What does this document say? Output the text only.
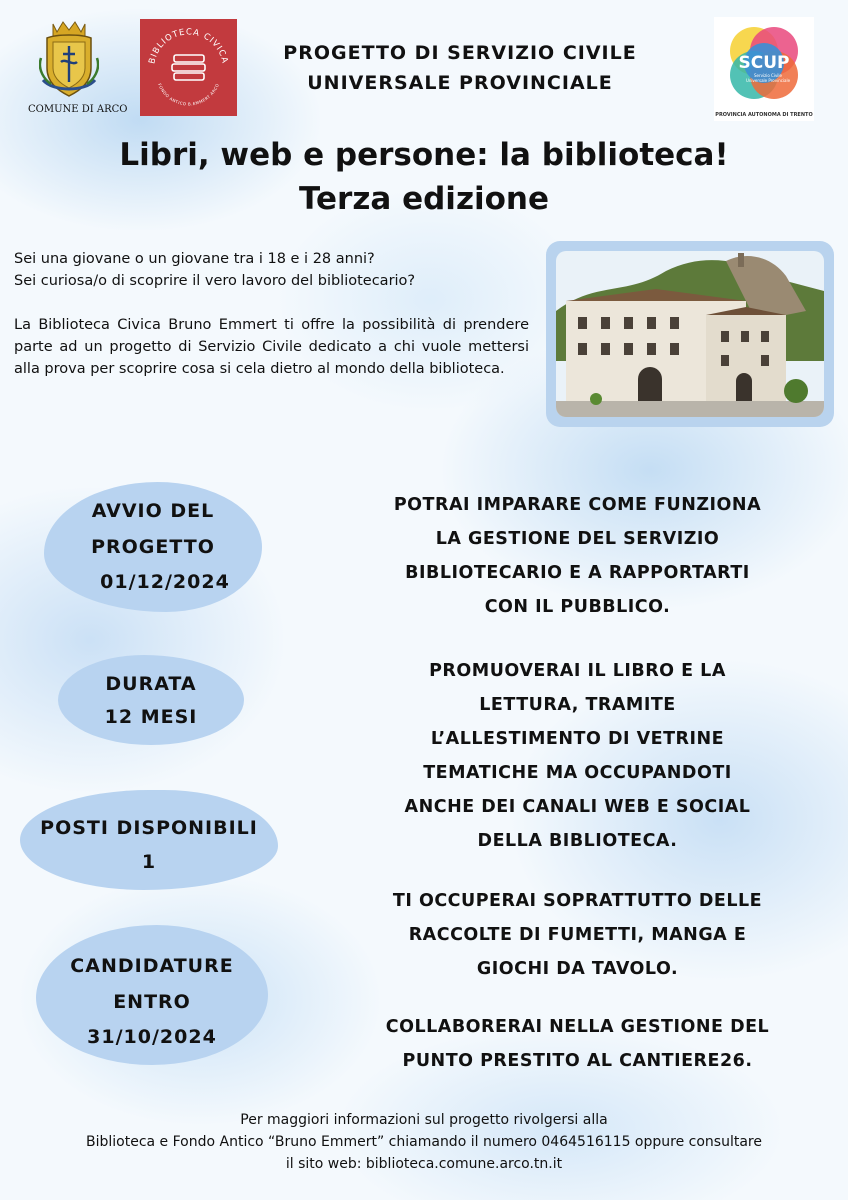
COMUNE DI ARCO
BIBLIOTECA CIVICA
FONDO ANTICO B.EMMERT ARCO
PROGETTO DI SERVIZIO CIVILE
UNIVERSALE PROVINCIALE
SCUP
Servizio Civile
Universale Provinciale
PROVINCIA AUTONOMA DI TRENTO
Libri, web e persone: la biblioteca!
Terza edizione

Sei una giovane o un giovane tra i 18 e i 28 anni?

Sei curiosa/o di scoprire il vero lavoro del bibliotecario?

La Biblioteca Civica Bruno Emmert ti offre la possibilità di prendere parte ad un progetto di Servizio Civile dedicato a chi vuole mettersi alla prova per scoprire cosa si cela dietro al mondo della biblioteca.

AVVIO DEL
PROGETTO
01/12/2024
DURATA
12 MESI
POSTI DISPONIBILI
1
CANDIDATURE
ENTRO
31/10/2024
POTRAI IMPARARE COME FUNZIONA
LA GESTIONE DEL SERVIZIO
BIBLIOTECARIO E A RAPPORTARTI
CON IL PUBBLICO.
PROMUOVERAI IL LIBRO E LA
LETTURA, TRAMITE
L’ALLESTIMENTO DI VETRINE
TEMATICHE MA OCCUPANDOTI
ANCHE DEI CANALI WEB E SOCIAL
DELLA BIBLIOTECA.
TI OCCUPERAI SOPRATTUTTO DELLE
RACCOLTE DI FUMETTI, MANGA E
GIOCHI DA TAVOLO.
COLLABORERAI NELLA GESTIONE DEL
PUNTO PRESTITO AL CANTIERE26.
Per maggiori informazioni sul progetto rivolgersi alla
Biblioteca e Fondo Antico “Bruno Emmert” chiamando il numero 0464516115 oppure consultare
il sito web: biblioteca.comune.arco.tn.it
